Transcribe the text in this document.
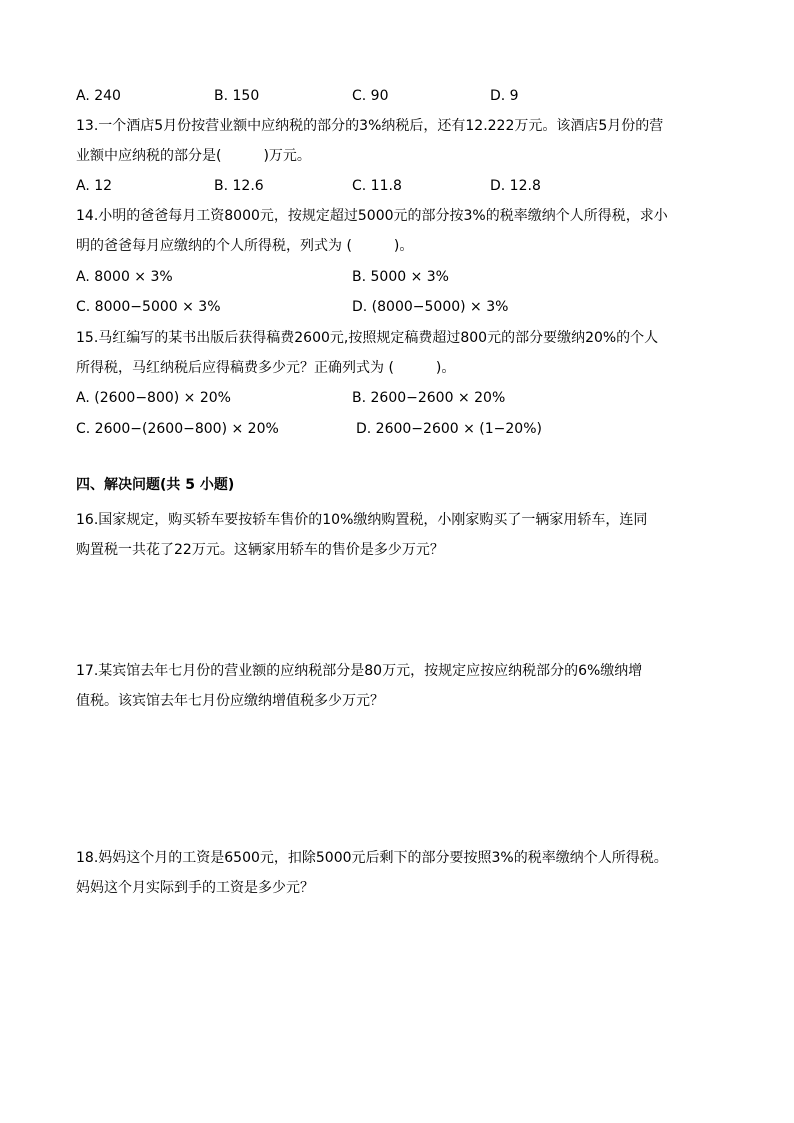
A. 240	B. 150	C. 90	D. 9
13.一个酒店5月份按营业额中应纳税的部分的3%纳税后，还有12.222万元。该酒店5月份的营
业额中应纳税的部分是(　　　)万元。
A. 12	B. 12.6	C. 11.8	D. 12.8
14.小明的爸爸每月工资8000元，按规定超过5000元的部分按3%的税率缴纳个人所得税，求小
明的爸爸每月应缴纳的个人所得税，列式为 (　　　)。
A. 8000 × 3%	B. 5000 × 3%
C. 8000−5000 × 3%	D. (8000−5000) × 3%
15.马红编写的某书出版后获得稿费2600元,按照规定稿费超过800元的部分要缴纳20%的个人
所得税，马红纳税后应得稿费多少元？正确列式为 (　　　)。
A. (2600−800) × 20%	B. 2600−2600 × 20%
C. 2600−(2600−800) × 20%	D. 2600−2600 × (1−20%)
四、解决问题(共 5 小题)
16.国家规定，购买轿车要按轿车售价的10%缴纳购置税，小刚家购买了一辆家用轿车，连同
购置税一共花了22万元。这辆家用轿车的售价是多少万元？
17.某宾馆去年七月份的营业额的应纳税部分是80万元，按规定应按应纳税部分的6%缴纳增
值税。该宾馆去年七月份应缴纳增值税多少万元？
18.妈妈这个月的工资是6500元，扣除5000元后剩下的部分要按照3%的税率缴纳个人所得税。
妈妈这个月实际到手的工资是多少元？
